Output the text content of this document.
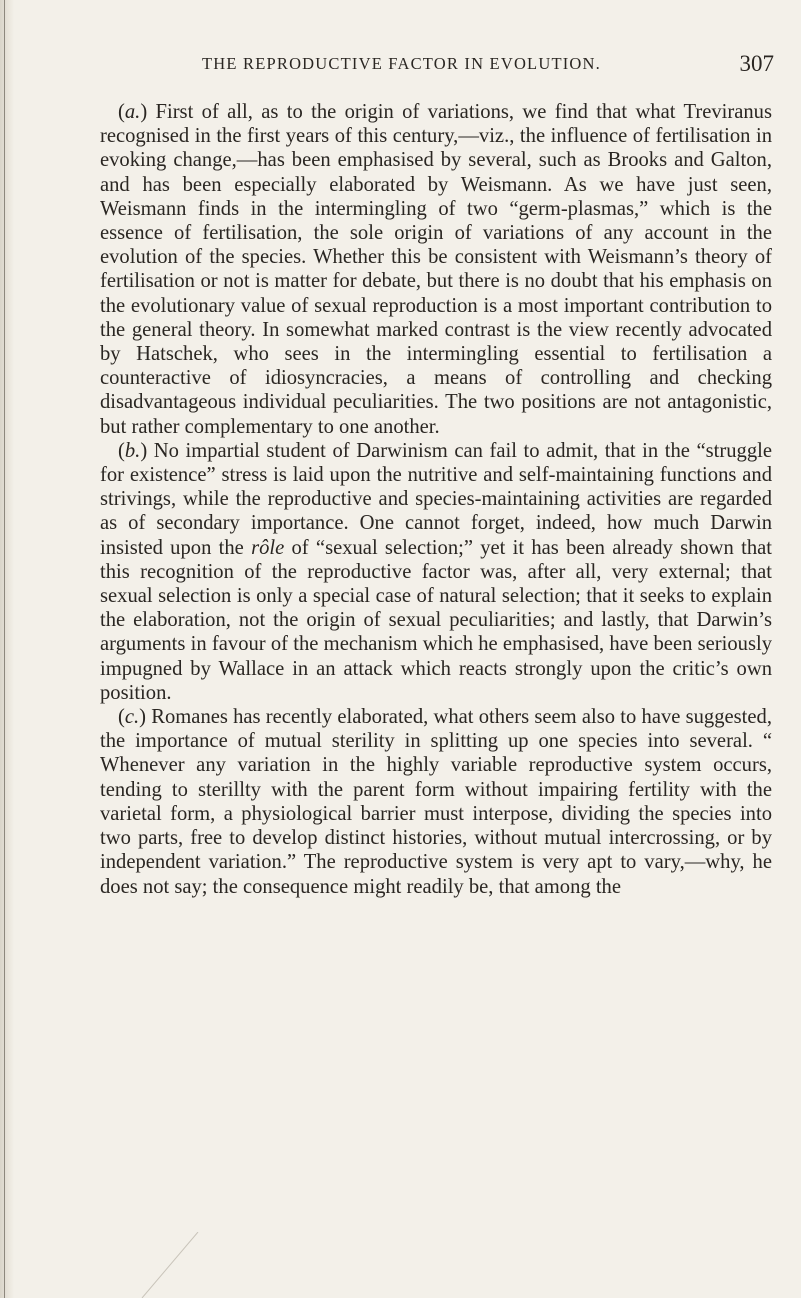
THE REPRODUCTIVE FACTOR IN EVOLUTION.	307

(a.) First of all, as to the origin of variations, we find that what Treviranus recognised in the first years of this century,—viz., the influence of fertilisation in evoking change,—has been emphasised by several, such as Brooks and Galton, and has been especially elaborated by Weismann. As we have just seen, Weismann finds in the intermingling of two “germ-plasmas,” which is the essence of fertilisation, the sole origin of variations of any account in the evolution of the species. Whether this be consistent with Weismann’s theory of fertilisation or not is matter for debate, but there is no doubt that his emphasis on the evolutionary value of sexual reproduction is a most important contribution to the general theory. In somewhat marked contrast is the view recently advocated by Hatschek, who sees in the intermingling essential to fertilisation a counteractive of idiosyncracies, a means of controlling and checking disadvantageous individual peculiarities. The two positions are not antagonistic, but rather complementary to one another.

(b.) No impartial student of Darwinism can fail to admit, that in the “struggle for existence” stress is laid upon the nutritive and self-maintaining functions and strivings, while the reproductive and species-maintaining activities are regarded as of secondary importance. One cannot forget, indeed, how much Darwin insisted upon the rôle of “sexual selection;” yet it has been already shown that this recognition of the reproductive factor was, after all, very external; that sexual selection is only a special case of natural selection; that it seeks to explain the elaboration, not the origin of sexual peculiarities; and lastly, that Darwin’s arguments in favour of the mechanism which he emphasised, have been seriously impugned by Wallace in an attack which reacts strongly upon the critic’s own position.

(c.) Romanes has recently elaborated, what others seem also to have suggested, the importance of mutual sterility in splitting up one species into several. “ Whenever any variation in the highly variable reproductive system occurs, tending to sterillty with the parent form without impairing fertility with the varietal form, a physiological barrier must interpose, dividing the species into two parts, free to develop distinct histories, without mutual intercrossing, or by independent variation.” The reproductive system is very apt to vary,—why, he does not say; the consequence might readily be, that among the
